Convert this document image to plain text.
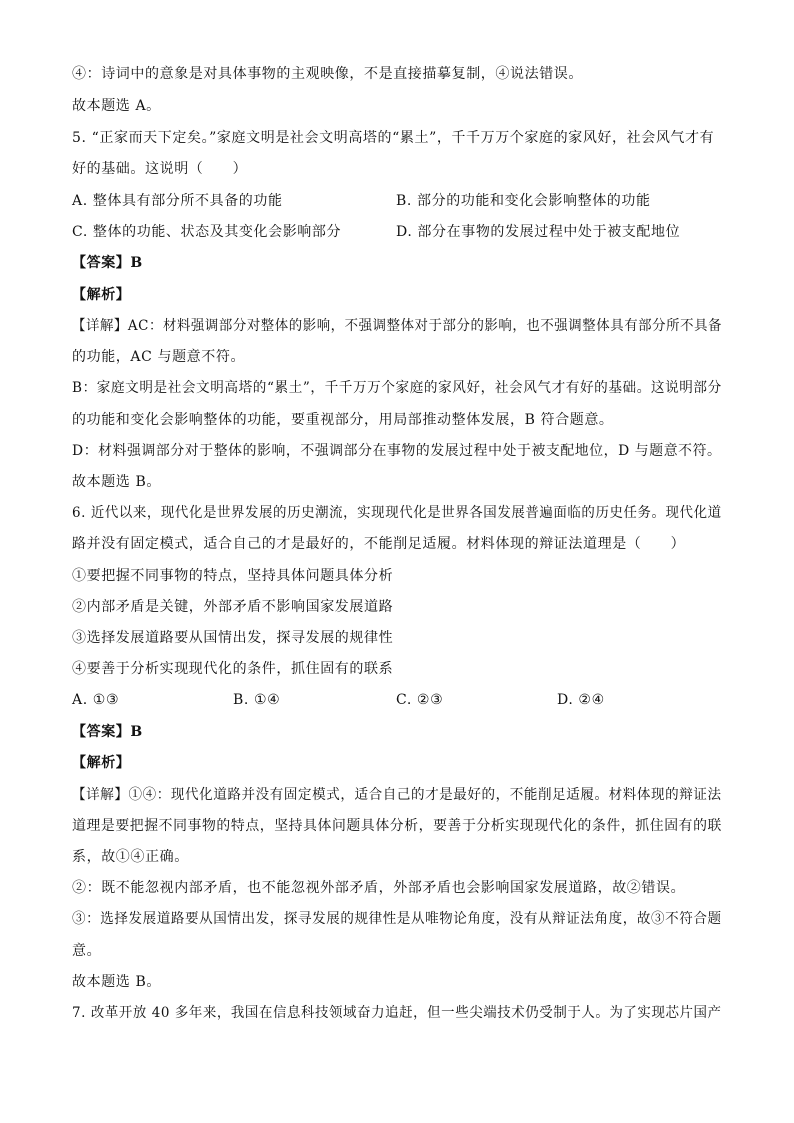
④：诗词中的意象是对具体事物的主观映像，不是直接描摹复制，④说法错误。
故本题选 A。
5. “正家而天下定矣。”家庭文明是社会文明高塔的“累土”，千千万万个家庭的家风好，社会风气才有
好的基础。这说明（　　）
A. 整体具有部分所不具备的功能	B. 部分的功能和变化会影响整体的功能
C. 整体的功能、状态及其变化会影响部分	D. 部分在事物的发展过程中处于被支配地位
【答案】B
【解析】
【详解】AC：材料强调部分对整体的影响，不强调整体对于部分的影响，也不强调整体具有部分所不具备
的功能，AC 与题意不符。
B：家庭文明是社会文明高塔的“累土”，千千万万个家庭的家风好，社会风气才有好的基础。这说明部分
的功能和变化会影响整体的功能，要重视部分，用局部推动整体发展，B 符合题意。
D：材料强调部分对于整体的影响，不强调部分在事物的发展过程中处于被支配地位，D 与题意不符。
故本题选 B。
6. 近代以来，现代化是世界发展的历史潮流，实现现代化是世界各国发展普遍面临的历史任务。现代化道
路并没有固定模式，适合自己的才是最好的，不能削足适履。材料体现的辩证法道理是（　　）
①要把握不同事物的特点，坚持具体问题具体分析
②内部矛盾是关键，外部矛盾不影响国家发展道路
③选择发展道路要从国情出发，探寻发展的规律性
④要善于分析实现现代化的条件，抓住固有的联系
A. ①③	B. ①④	C. ②③	D. ②④
【答案】B
【解析】
【详解】①④：现代化道路并没有固定模式，适合自己的才是最好的，不能削足适履。材料体现的辩证法
道理是要把握不同事物的特点，坚持具体问题具体分析，要善于分析实现现代化的条件，抓住固有的联
系，故①④正确。
②：既不能忽视内部矛盾，也不能忽视外部矛盾，外部矛盾也会影响国家发展道路，故②错误。
③：选择发展道路要从国情出发，探寻发展的规律性是从唯物论角度，没有从辩证法角度，故③不符合题
意。
故本题选 B。
7. 改革开放 40 多年来，我国在信息科技领域奋力追赶，但一些尖端技术仍受制于人。为了实现芯片国产
